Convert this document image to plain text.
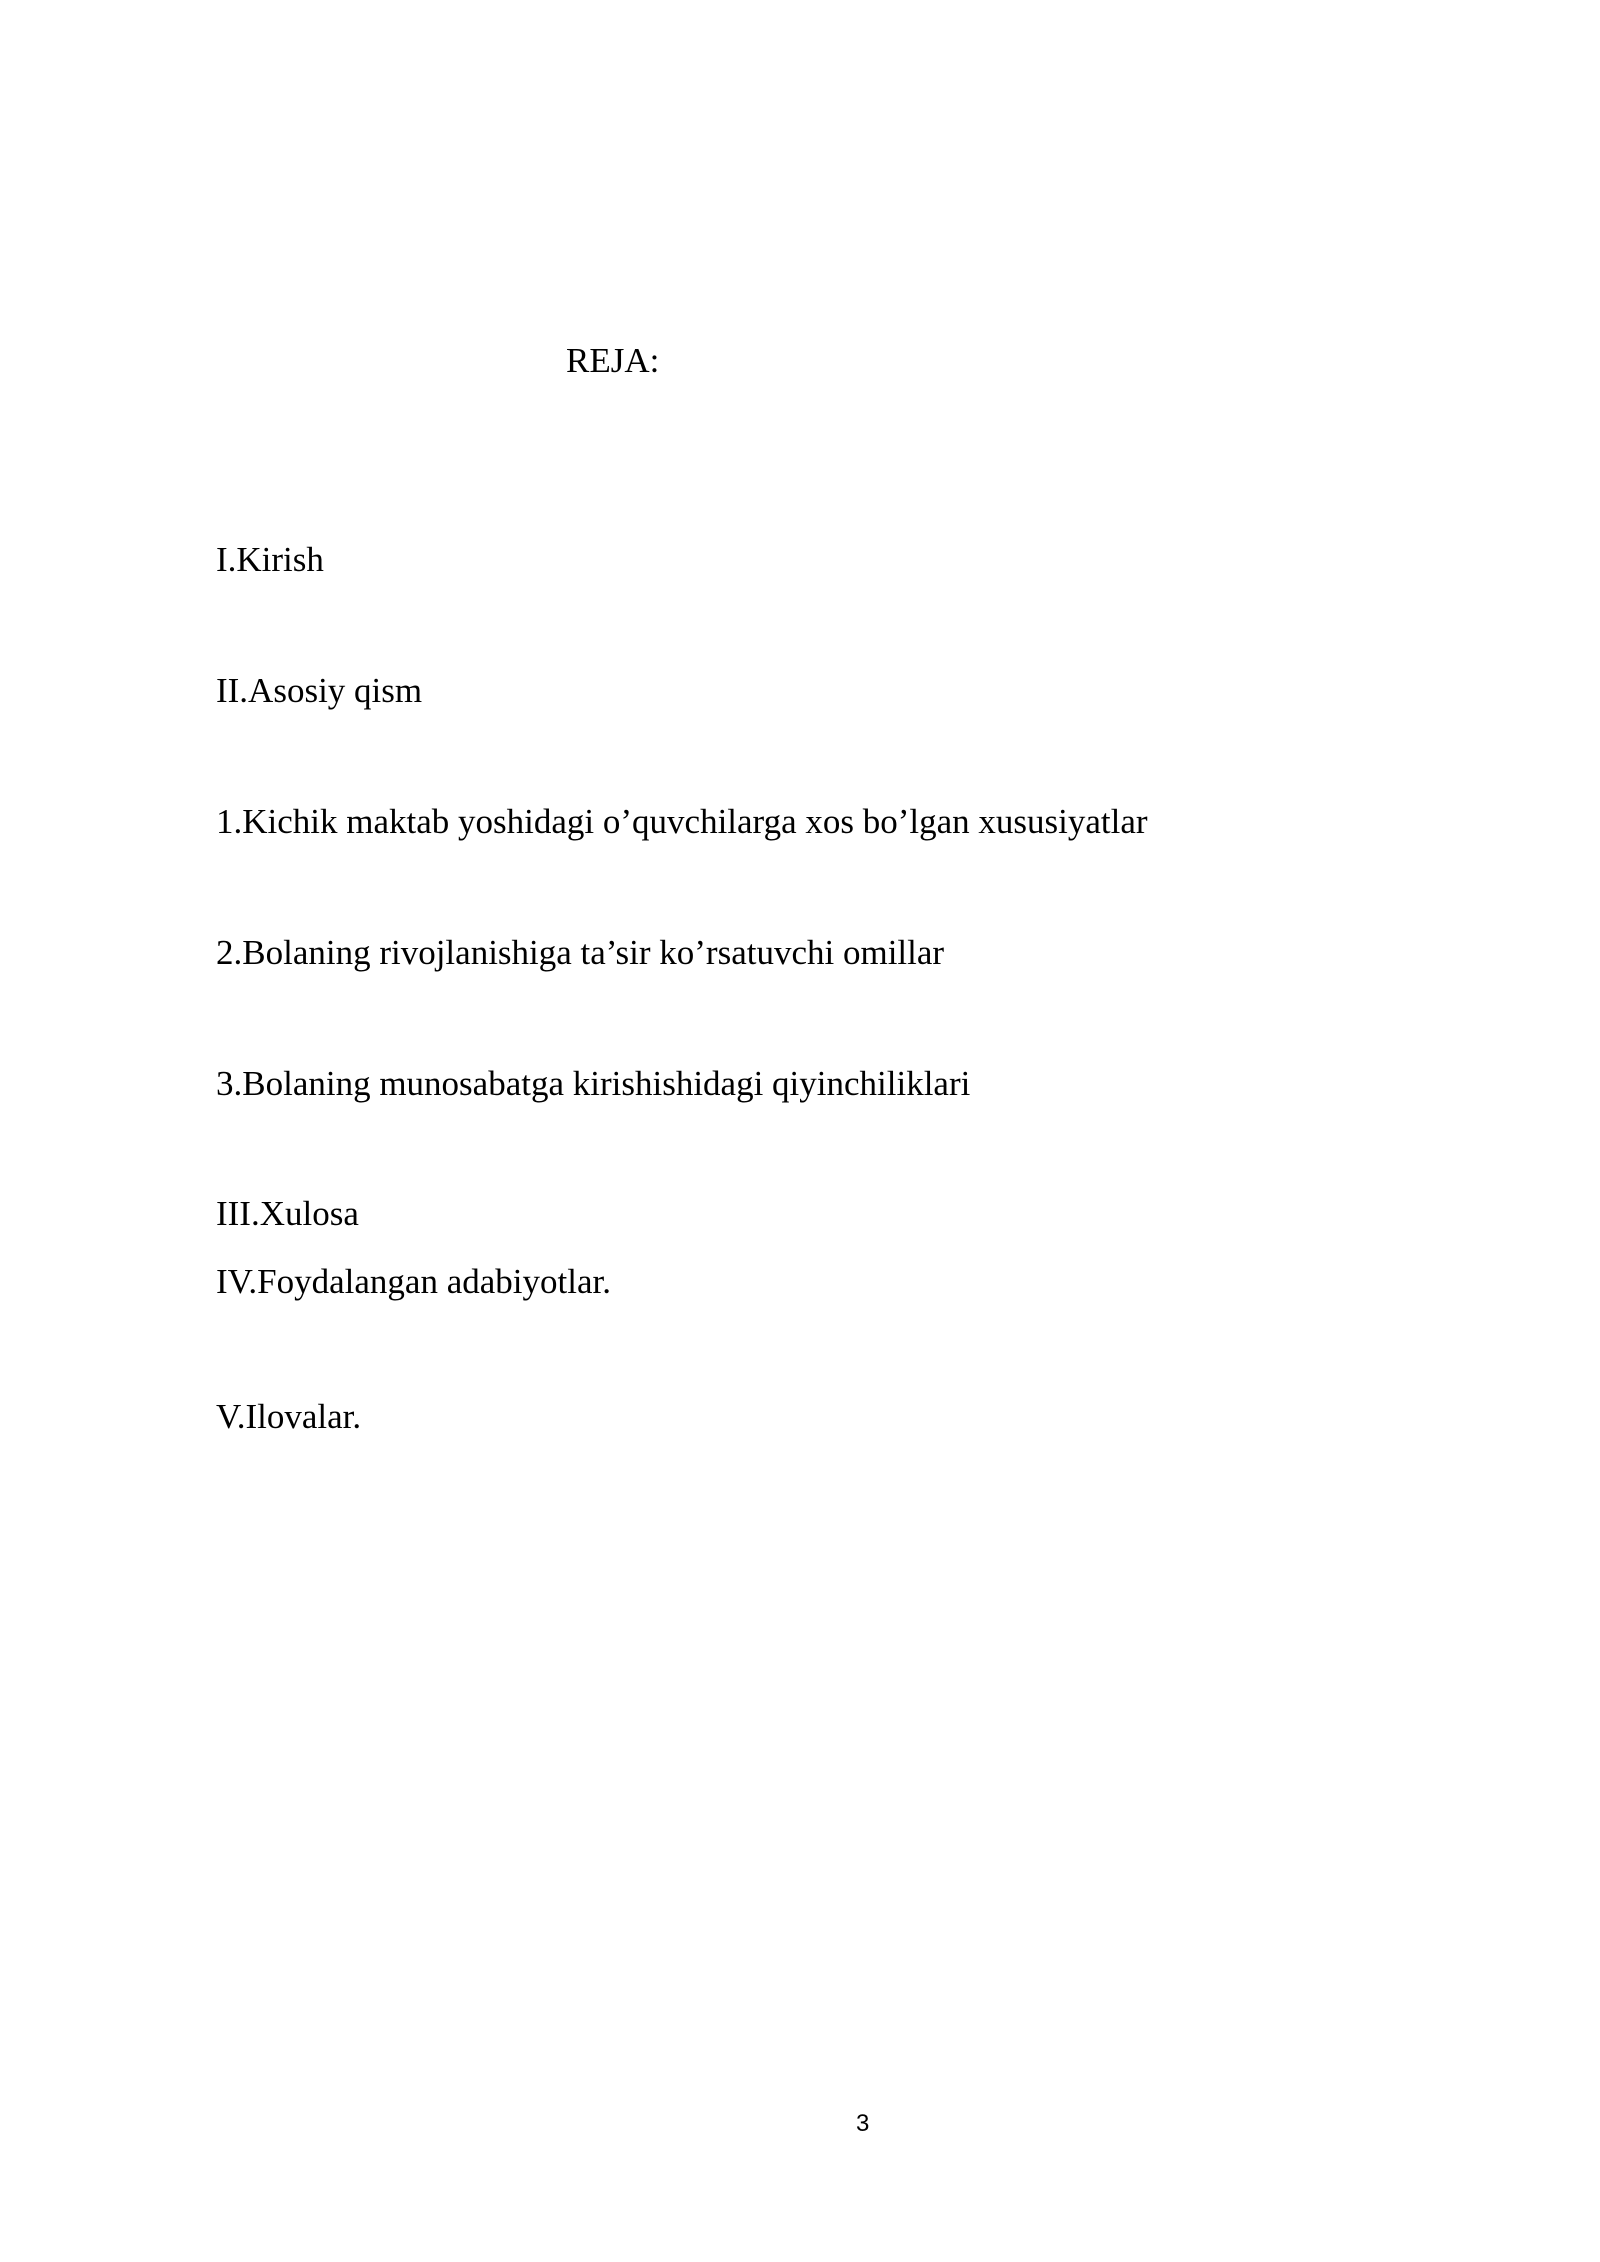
REJA:
I.Kirish
II.Asosiy qism
1.Kichik maktab yoshidagi o’quvchilarga xos bo’lgan xususiyatlar
2.Bolaning rivojlanishiga ta’sir ko’rsatuvchi omillar
3.Bolaning munosabatga kirishishidagi qiyinchiliklari
III.Xulosa
IV.Foydalangan adabiyotlar.
V.Ilovalar.
3
